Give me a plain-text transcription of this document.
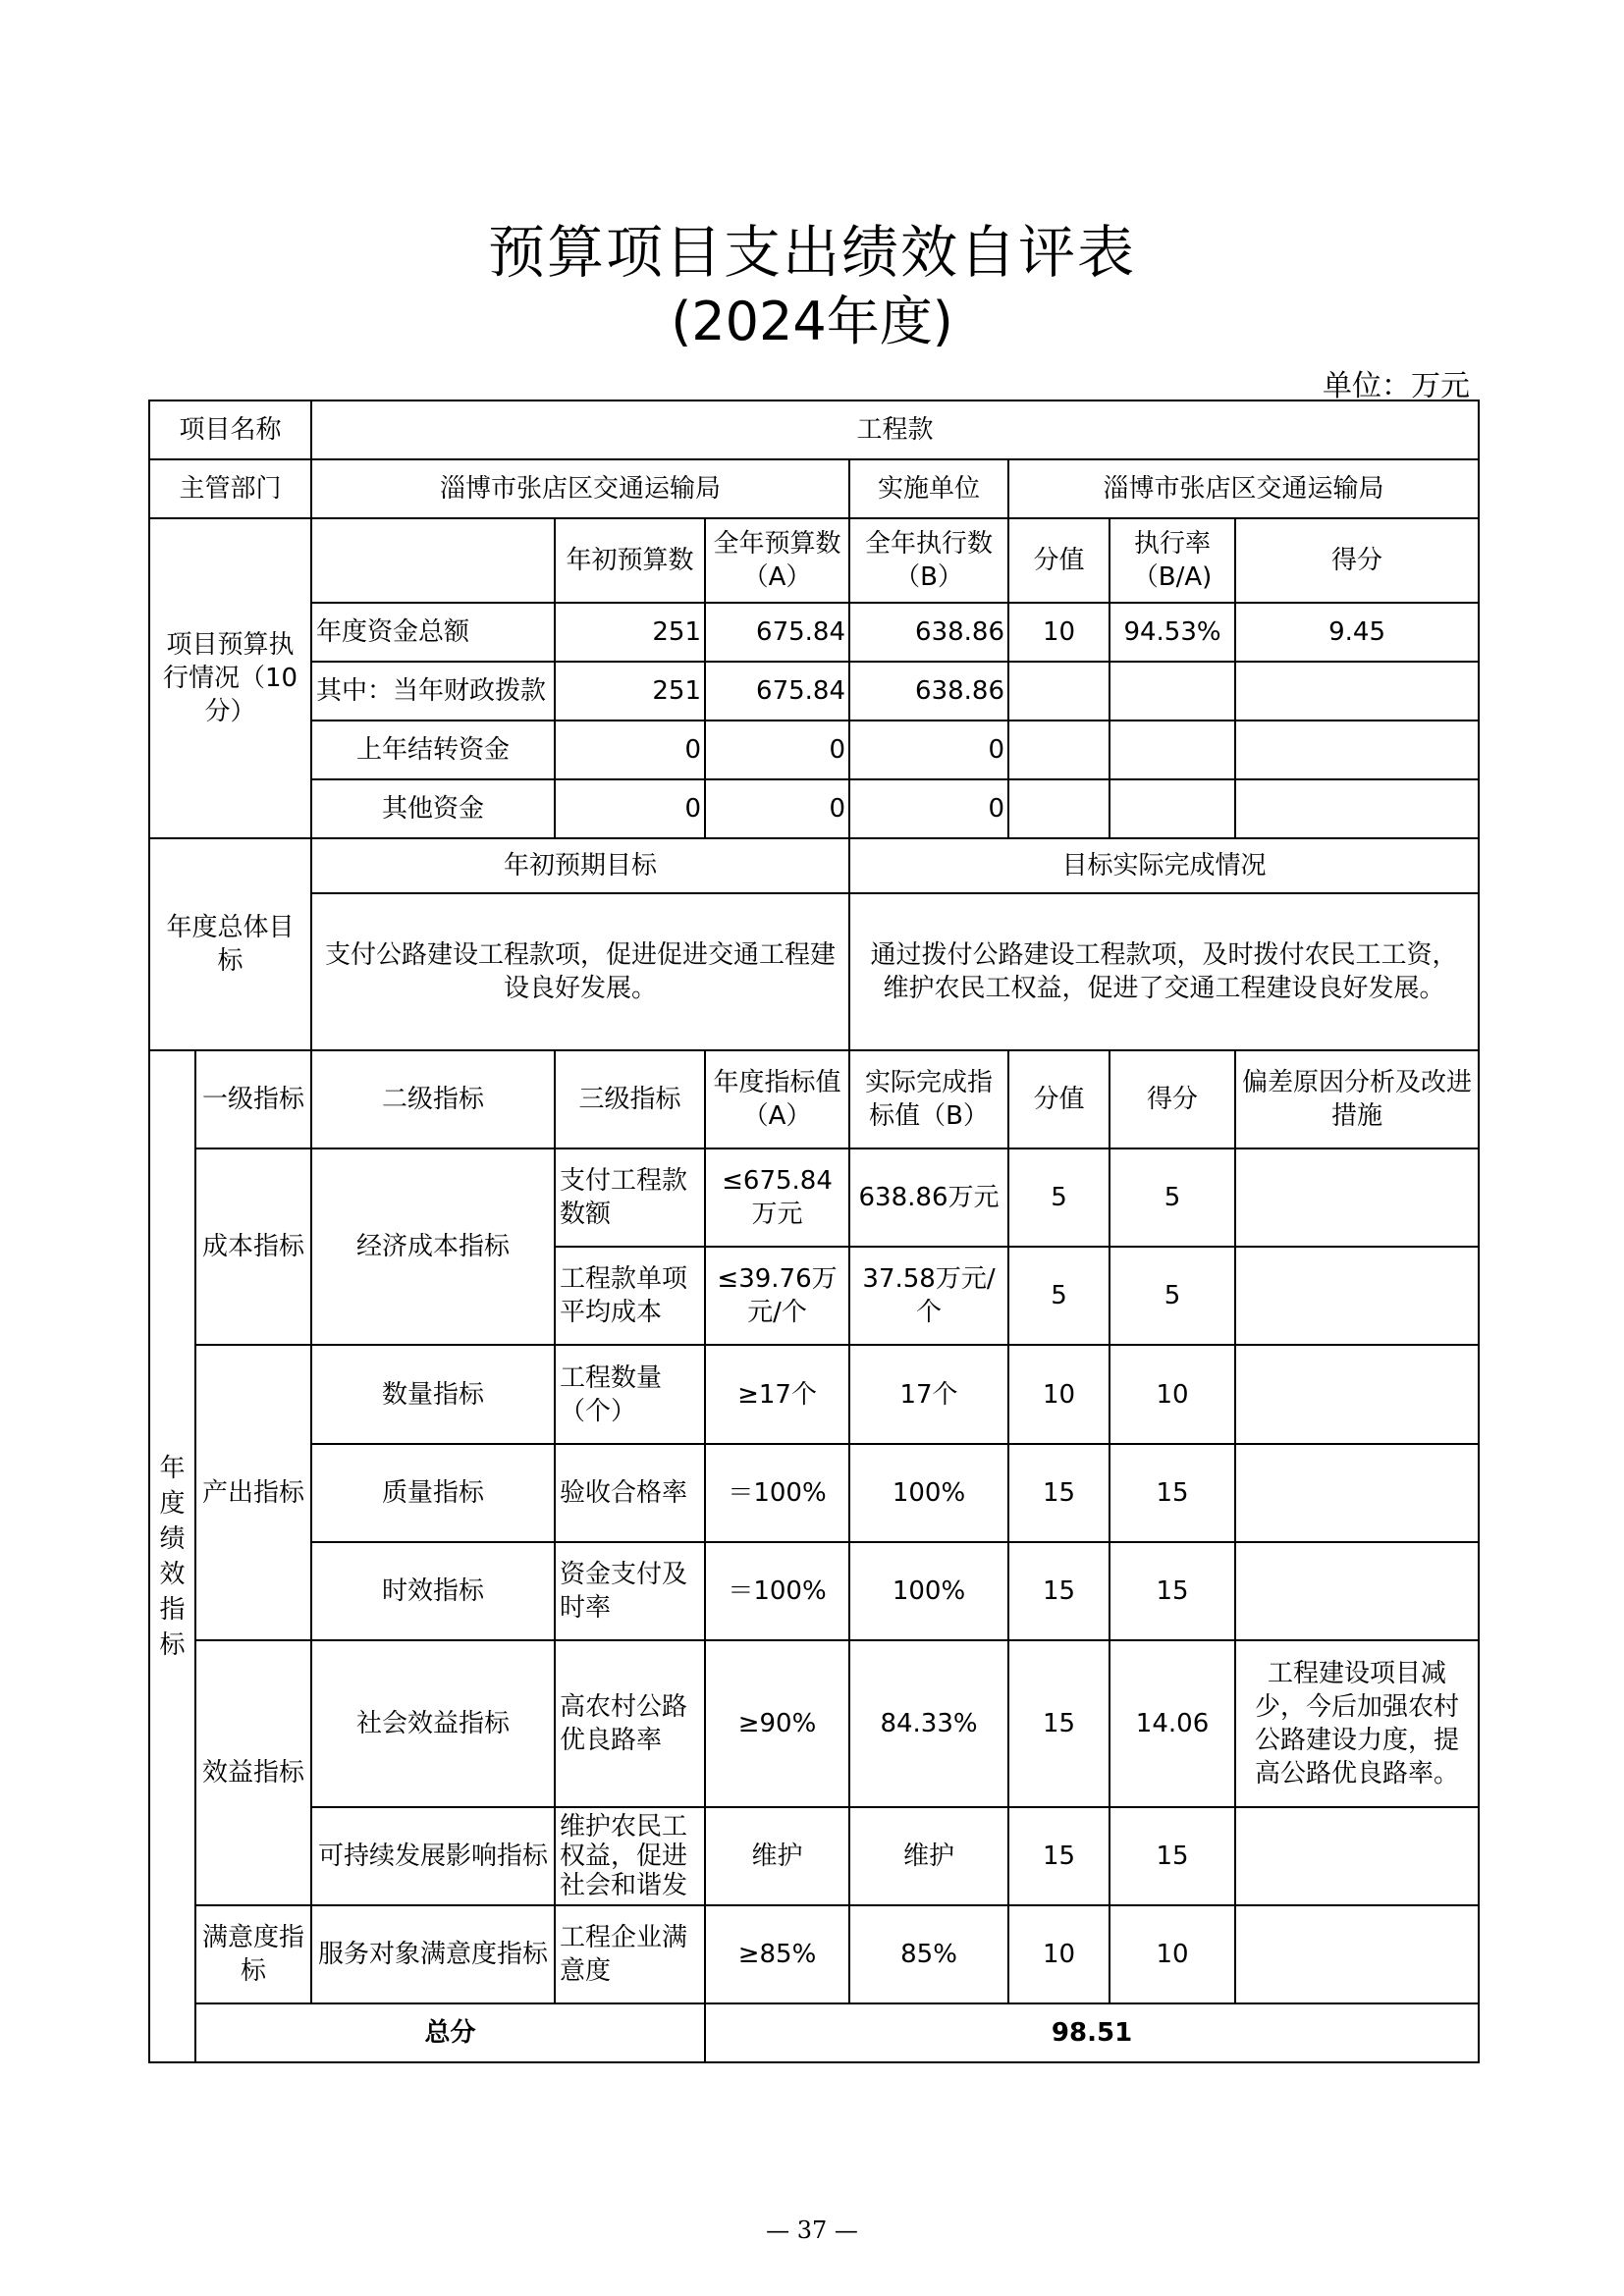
预算项目支出绩效自评表
(2024年度)
单位：万元
项目名称		工程款						
主管部门		淄博市张店区交通运输局			实施单位	淄博市张店区交通运输局		
项目预算执行情况（10分）			年初预算数	全年预算数（A）	全年执行数（B）	分值	执行率（B/A)	得分
		年度资金总额	251	675.84	638.86	10	94.53%	9.45
		其中：当年财政拨款	251	675.84	638.86			
		上年结转资金	0	0	0			
		其他资金	0	0	0			
年度总体目标		年初预期目标			目标实际完成情况			
		支付公路建设工程款项，促进促进交通工程建设良好发展。			通过拨付公路建设工程款项，及时拨付农民工工资，维护农民工权益，促进了交通工程建设良好发展。			
年度绩效指标	一级指标	二级指标	三级指标	年度指标值（A）	实际完成指标值（B）	分值	得分	偏差原因分析及改进措施
	成本指标	经济成本指标	支付工程款数额	≤675.84万元	638.86万元	5	5	
			工程款单项平均成本	≤39.76万元/个	37.58万元/个	5	5	
	产出指标	数量指标	工程数量（个）	≥17个	17个	10	10	
		质量指标	验收合格率	＝100%	100%	15	15	
		时效指标	资金支付及时率	＝100%	100%	15	15	
	效益指标	社会效益指标	高农村公路优良路率	≥90%	84.33%	15	14.06	工程建设项目减少，今后加强农村公路建设力度，提高公路优良路率。
		可持续发展影响指标	维护农民工权益，促进社会和谐发	维护	维护	15	15	
	满意度指标	服务对象满意度指标	工程企业满意度	≥85%	85%	10	10	
	总分			98.51				
— 37 —
